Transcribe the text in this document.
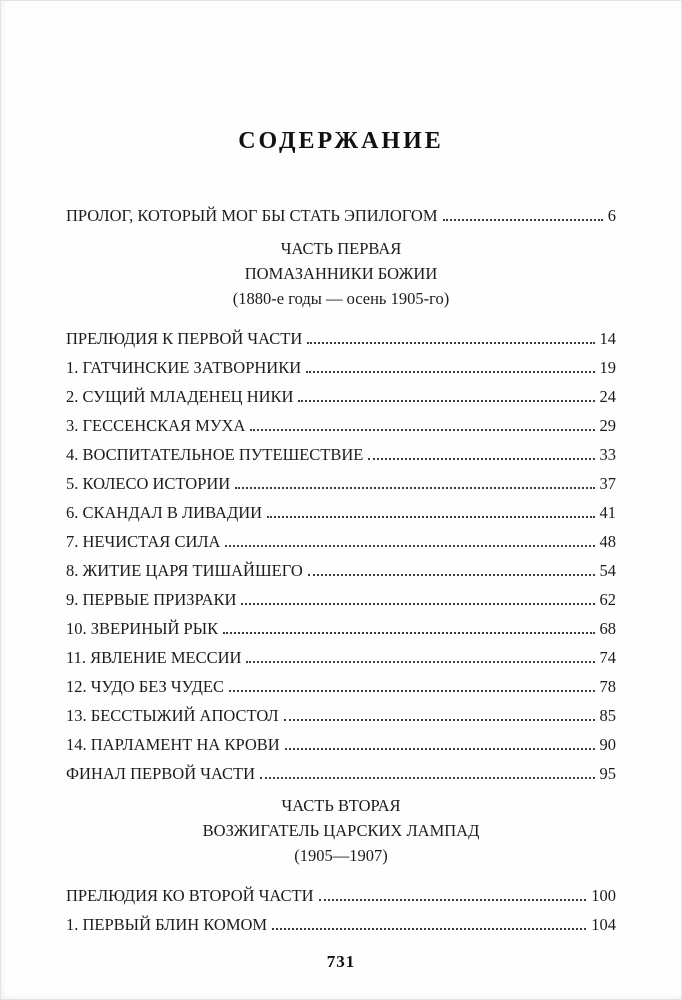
СОДЕРЖАНИЕ
ПРОЛОГ, КОТОРЫЙ МОГ БЫ СТАТЬ ЭПИЛОГОМ	6
ЧАСТЬ ПЕРВАЯ
ПОМАЗАННИКИ БОЖИИ
(1880-е годы — осень 1905-го)
ПРЕЛЮДИЯ К ПЕРВОЙ ЧАСТИ	14
1. ГАТЧИНСКИЕ ЗАТВОРНИКИ	19
2. СУЩИЙ МЛАДЕНЕЦ НИКИ	24
3. ГЕССЕНСКАЯ МУХА	29
4. ВОСПИТАТЕЛЬНОЕ ПУТЕШЕСТВИЕ	33
5. КОЛЕСО ИСТОРИИ	37
6. СКАНДАЛ В ЛИВАДИИ	41
7. НЕЧИСТАЯ СИЛА	48
8. ЖИТИЕ ЦАРЯ ТИШАЙШЕГО	54
9. ПЕРВЫЕ ПРИЗРАКИ	62
10. ЗВЕРИНЫЙ РЫК	68
11. ЯВЛЕНИЕ МЕССИИ	74
12. ЧУДО БЕЗ ЧУДЕС	78
13. БЕССТЫЖИЙ АПОСТОЛ	85
14. ПАРЛАМЕНТ НА КРОВИ	90
ФИНАЛ ПЕРВОЙ ЧАСТИ	95
ЧАСТЬ ВТОРАЯ
ВОЗЖИГАТЕЛЬ ЦАРСКИХ ЛАМПАД
(1905—1907)
ПРЕЛЮДИЯ КО ВТОРОЙ ЧАСТИ	100
1. ПЕРВЫЙ БЛИН КОМОМ	104
731
